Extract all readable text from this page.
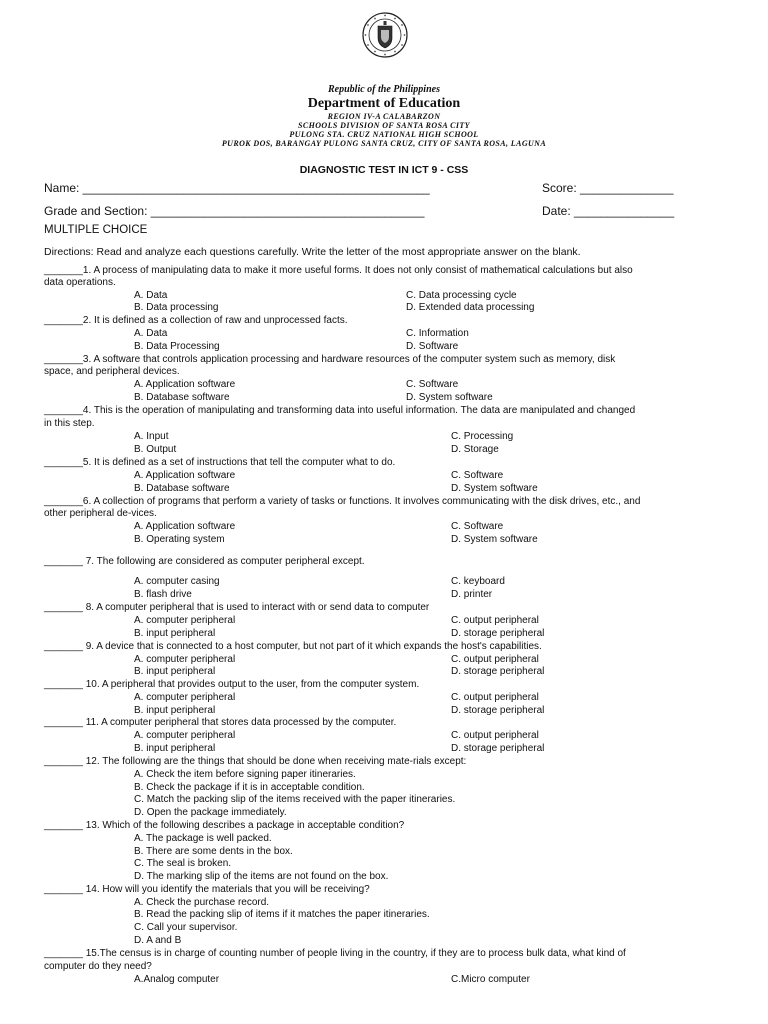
Republic of the Philippines
Department of Education
REGION IV-A CALABARZON
SCHOOLS DIVISION OF SANTA ROSA CITY
PULONG STA. CRUZ NATIONAL HIGH SCHOOL
PUROK DOS, BARANGAY PULONG SANTA CRUZ, CITY OF SANTA ROSA, LAGUNA
DIAGNOSTIC TEST IN ICT 9 - CSS
Name: ____________________________________________________	Score: ______________
Grade and Section: _________________________________________	Date: _______________
MULTIPLE CHOICE
Directions: Read and analyze each questions carefully. Write the letter of the most appropriate answer on the blank.
_______1. A process of manipulating data to make it more useful forms. It does not only consist of mathematical calculations but also
data operations.
A. Data
B. Data processing
C. Data processing cycle
D. Extended data processing
_______2. It is defined as a collection of raw and unprocessed facts.
A. Data
B. Data Processing
C. Information
D. Software
_______3. A software that controls application processing and hardware resources of the computer system such as memory, disk
space, and peripheral devices.
A. Application software
B. Database software
C. Software
D. System software
_______4. This is the operation of manipulating and transforming data into useful information. The data are manipulated and changed
in this step.
A. Input
B. Output
C. Processing
D. Storage
_______5. It is defined as a set of instructions that tell the computer what to do.
A. Application software
B. Database software
C. Software
D. System software
_______6. A collection of programs that perform a variety of tasks or functions. It involves communicating with the disk drives, etc., and
other peripheral de-vices.
A. Application software
B. Operating system
C. Software
D. System software
_______ 7. The following are considered as computer peripheral except.
A. computer casing
B. flash drive
C. keyboard
D. printer
_______ 8. A computer peripheral that is used to interact with or send data to computer
A. computer peripheral
B. input peripheral
C. output peripheral
D. storage peripheral
_______ 9. A device that is connected to a host computer, but not part of it which expands the host's capabilities.
A. computer peripheral
B. input peripheral
C. output peripheral
D. storage peripheral
_______ 10. A peripheral that provides output to the user, from the computer system.
A. computer peripheral
B. input peripheral
C. output peripheral
D. storage peripheral
_______ 11. A computer peripheral that stores data processed by the computer.
A. computer peripheral
B. input peripheral
C. output peripheral
D. storage peripheral
_______ 12. The following are the things that should be done when receiving mate-rials except:
A. Check the item before signing paper itineraries.
B. Check the package if it is in acceptable condition.
C. Match the packing slip of the items received with the paper itineraries.
D. Open the package immediately.
_______ 13. Which of the following describes a package in acceptable condition?
A. The package is well packed.
B. There are some dents in the box.
C. The seal is broken.
D. The marking slip of the items are not found on the box.
_______ 14. How will you identify the materials that you will be receiving?
A. Check the purchase record.
B. Read the packing slip of items if it matches the paper itineraries.
C. Call your supervisor.
D. A and B
_______ 15.The census is in charge of counting number of people living in the country, if they are to process bulk data, what kind of
computer do they need?
A.Analog computer	C.Micro computer
